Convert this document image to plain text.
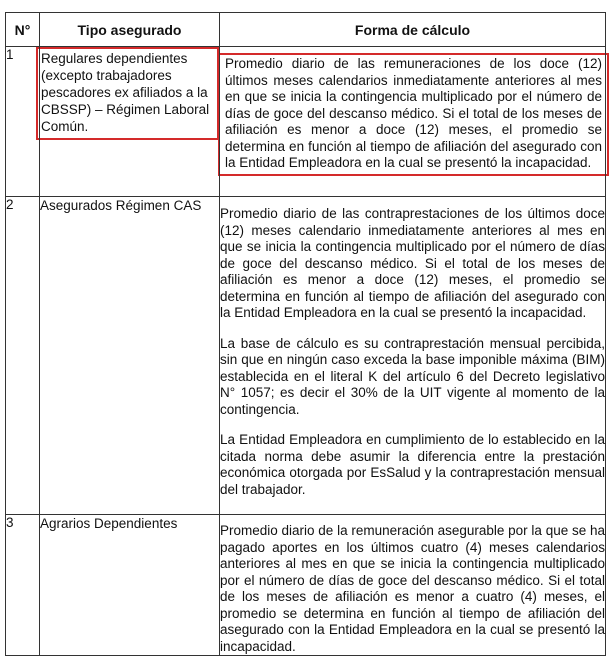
N°	Tipo asegurado	Forma de cálculo
1	Regulares dependientes (excepto trabajadores pescadores ex afiliados a la CBSSP) – Régimen Laboral Común.	Promedio diario de las remuneraciones de los doce (12) últimos meses calendarios inmediatamente anteriores al mes en que se inicia la contingencia multiplicado por el número de días de goce del descanso médico. Si el total de los meses de afiliación es menor a doce (12) meses, el promedio se determina en función al tiempo de afiliación del asegurado con la Entidad Empleadora en la cual se presentó la incapacidad.

2	Asegurados Régimen CAS	Promedio diario de las contraprestaciones de los últimos doce (12) meses calendario inmediatamente anteriores al mes en que se inicia la contingencia multiplicado por el número de días de goce del descanso médico. Si el total de los meses de afiliación es menor a doce (12) meses, el promedio se determina en función al tiempo de afiliación del asegurado con la Entidad Empleadora en la cual se presentó la incapacidad.

La base de cálculo es su contraprestación mensual percibida, sin que en ningún caso exceda la base imponible máxima (BIM) establecida en el literal K del artículo 6 del Decreto legislativo N° 1057; es decir el 30% de la UIT vigente al momento de la contingencia.

La Entidad Empleadora en cumplimiento de lo establecido en la citada norma debe asumir la diferencia entre la prestación económica otorgada por EsSalud y la contraprestación mensual del trabajador.

3	Agrarios Dependientes	Promedio diario de la remuneración asegurable por la que se ha pagado aportes en los últimos cuatro (4) meses calendarios anteriores al mes en que se inicia la contingencia multiplicado por el número de días de goce del descanso médico. Si el total de los meses de afiliación es menor a cuatro (4) meses, el promedio se determina en función al tiempo de afiliación del asegurado con la Entidad Empleadora en la cual se presentó la incapacidad.
